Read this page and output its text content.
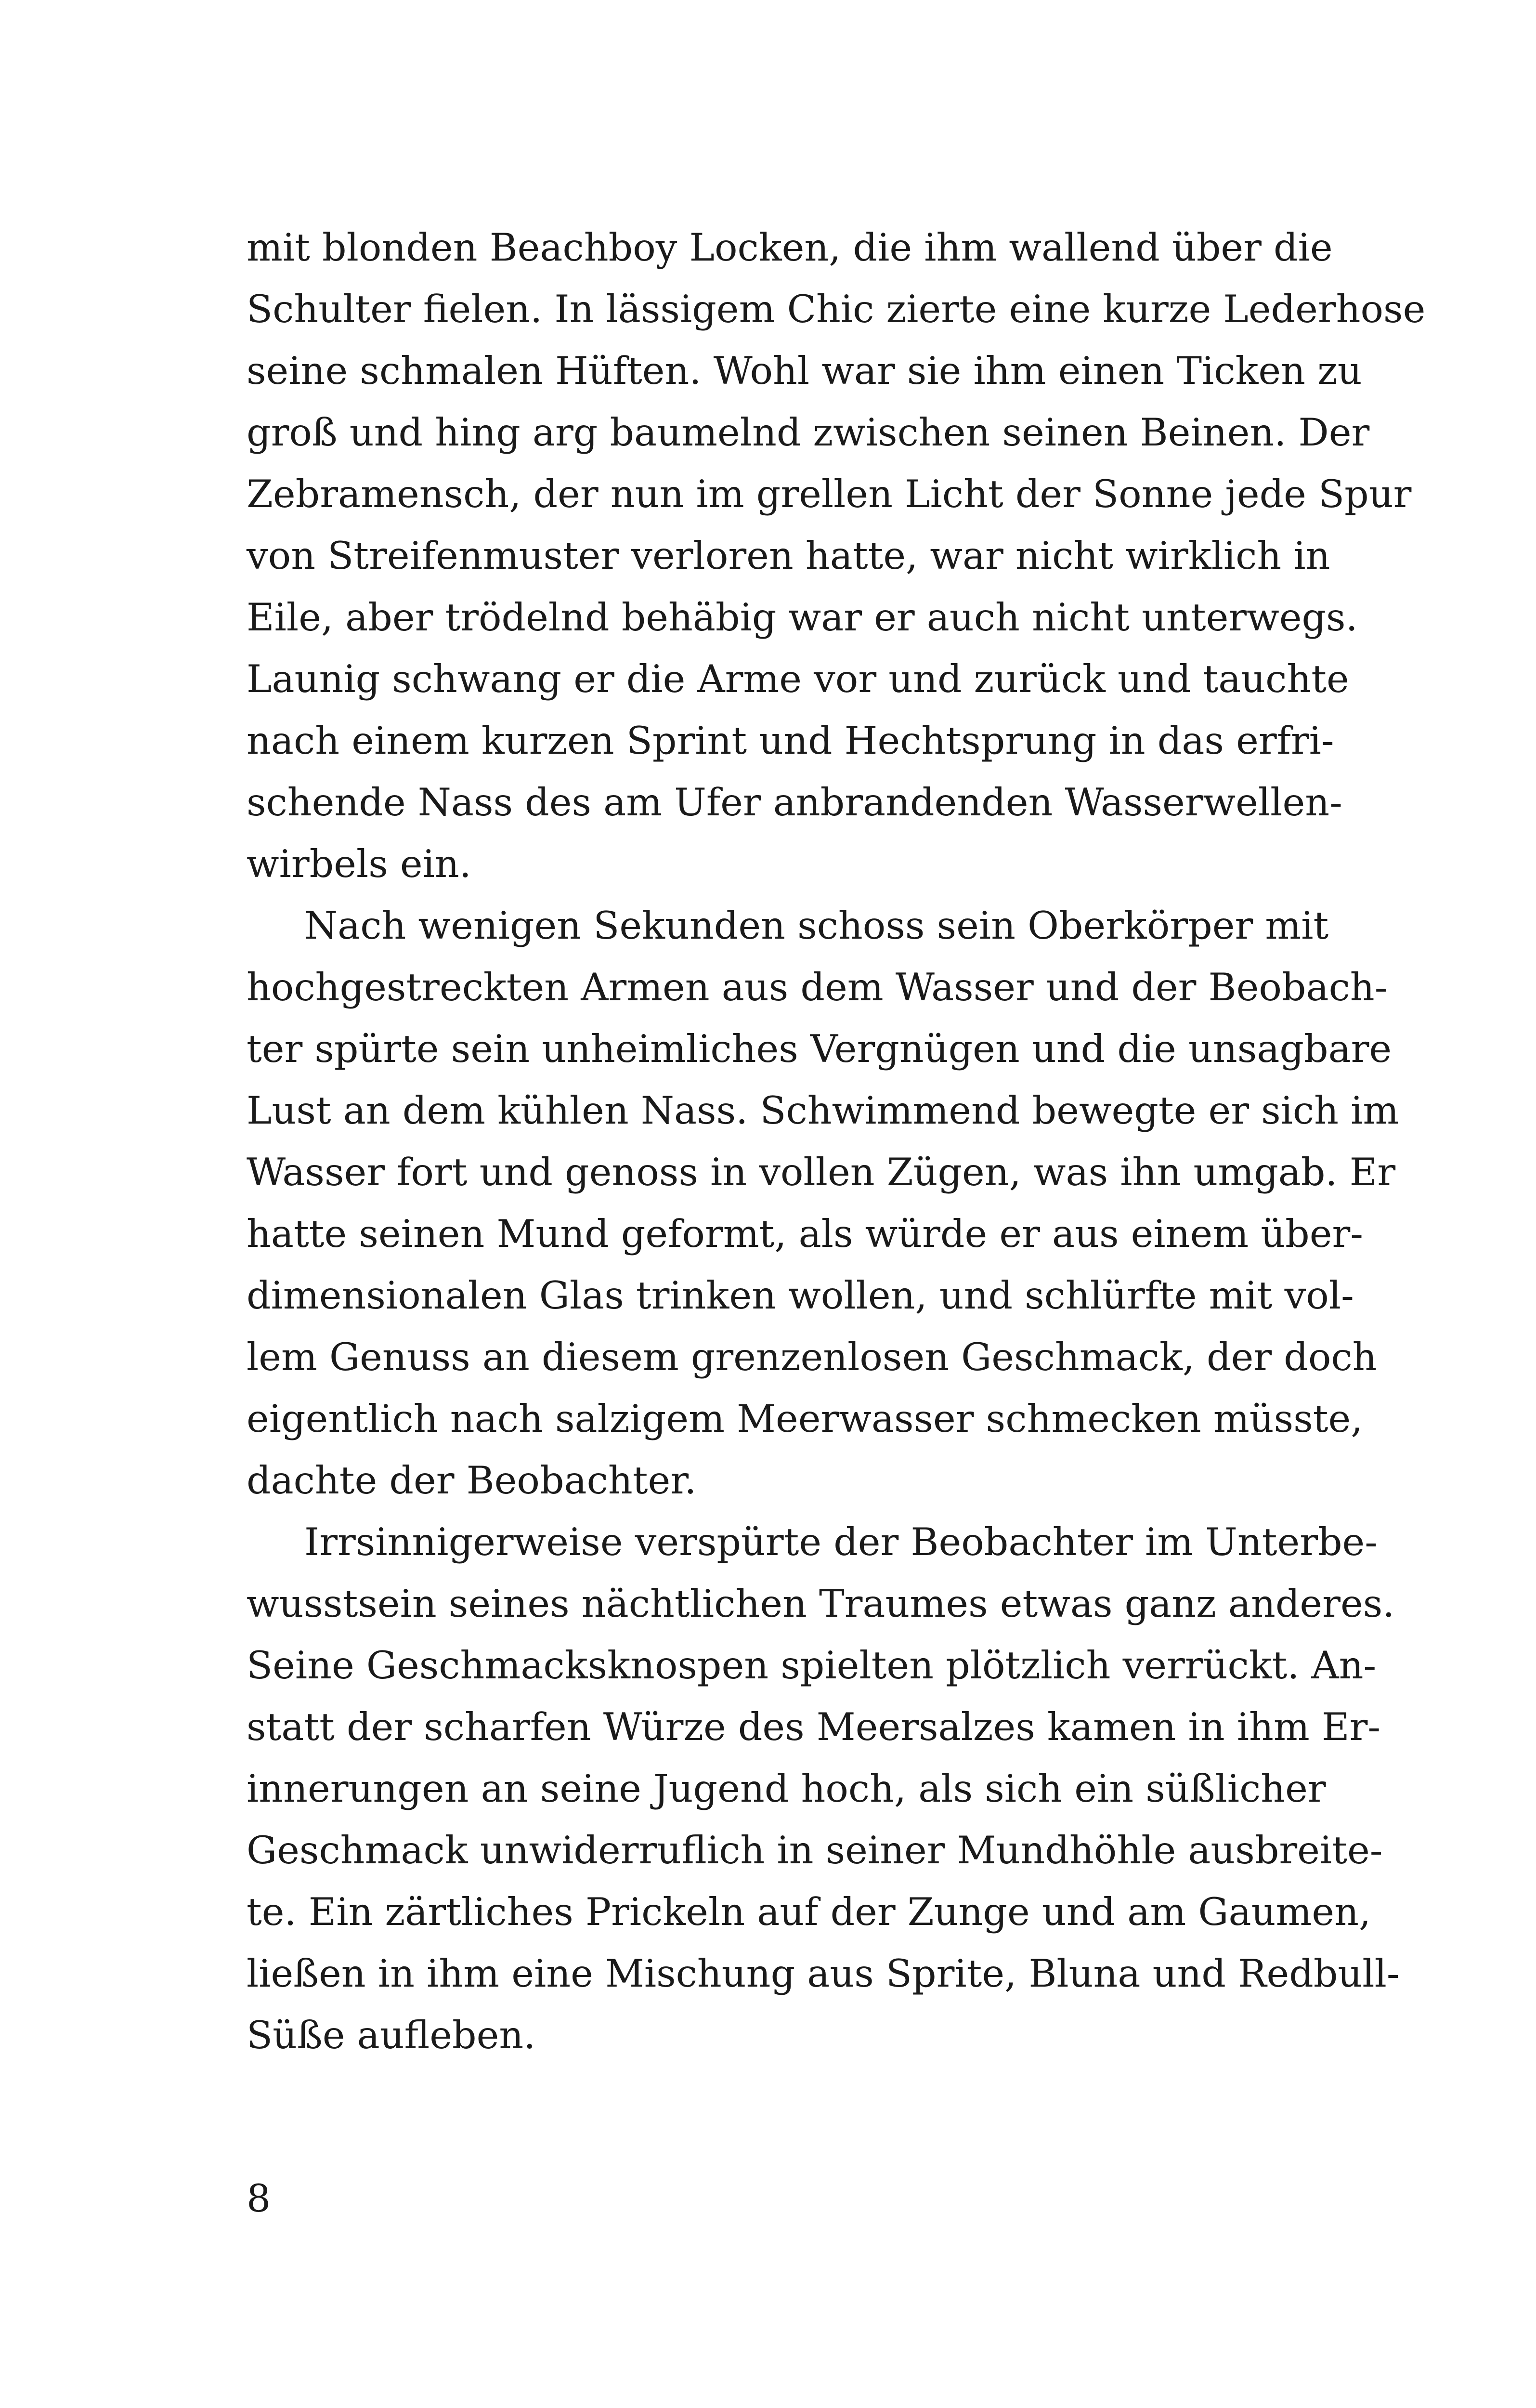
mit blonden Beachboy Locken, die ihm wallend über die
Schulter fielen. In lässigem Chic zierte eine kurze Lederhose
seine schmalen Hüften. Wohl war sie ihm einen Ticken zu
groß und hing arg baumelnd zwischen seinen Beinen. Der
Zebramensch, der nun im grellen Licht der Sonne jede Spur
von Streifenmuster verloren hatte, war nicht wirklich in
Eile, aber trödelnd behäbig war er auch nicht unterwegs.
Launig schwang er die Arme vor und zurück und tauchte
nach einem kurzen Sprint und Hechtsprung in das erfri-
schende Nass des am Ufer anbrandenden Wasserwellen-
wirbels ein.
Nach wenigen Sekunden schoss sein Oberkörper mit
hochgestreckten Armen aus dem Wasser und der Beobach-
ter spürte sein unheimliches Vergnügen und die unsagbare
Lust an dem kühlen Nass. Schwimmend bewegte er sich im
Wasser fort und genoss in vollen Zügen, was ihn umgab. Er
hatte seinen Mund geformt, als würde er aus einem über-
dimensionalen Glas trinken wollen, und schlürfte mit vol-
lem Genuss an diesem grenzenlosen Geschmack, der doch
eigentlich nach salzigem Meerwasser schmecken müsste,
dachte der Beobachter.
Irrsinnigerweise verspürte der Beobachter im Unterbe-
wusstsein seines nächtlichen Traumes etwas ganz anderes.
Seine Geschmacksknospen spielten plötzlich verrückt. An-
statt der scharfen Würze des Meersalzes kamen in ihm Er-
innerungen an seine Jugend hoch, als sich ein süßlicher
Geschmack unwiderruflich in seiner Mundhöhle ausbreite-
te. Ein zärtliches Prickeln auf der Zunge und am Gaumen,
ließen in ihm eine Mischung aus Sprite, Bluna und Redbull-
Süße aufleben.
8
